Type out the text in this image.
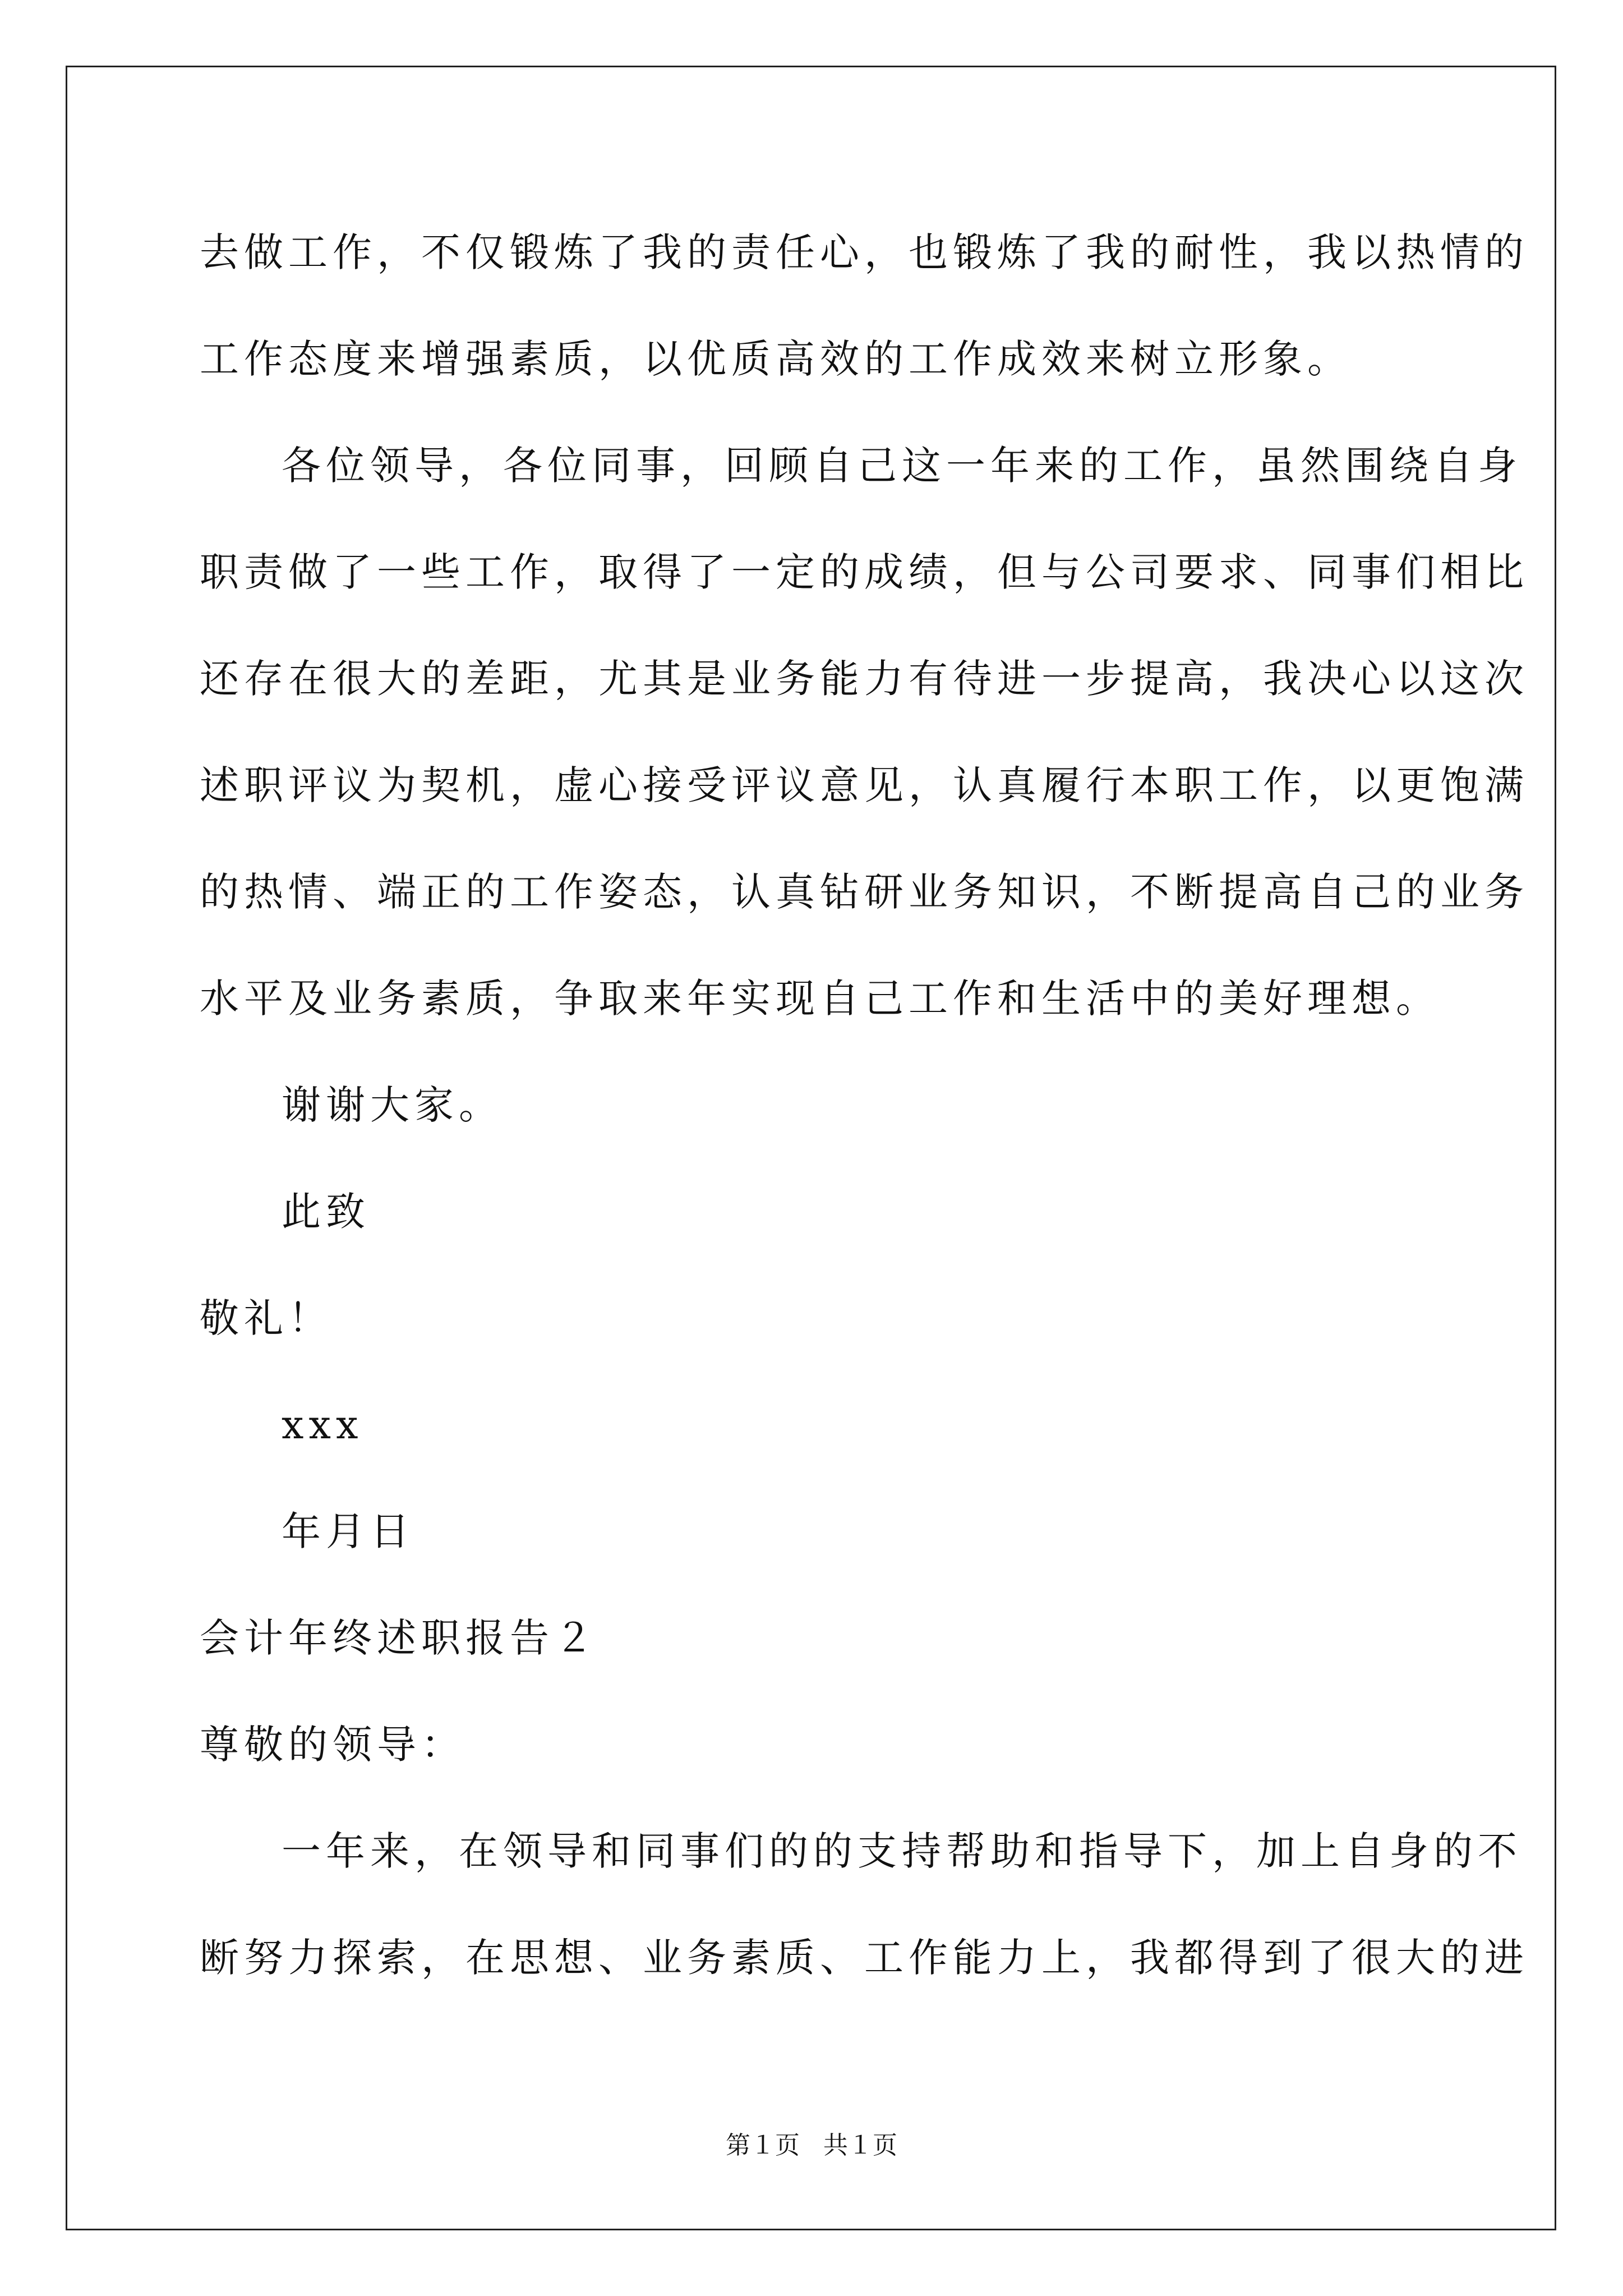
去做工作，不仅锻炼了我的责任心，也锻炼了我的耐性，我以热情的
工作态度来增强素质，以优质高效的工作成效来树立形象。
各位领导，各位同事，回顾自己这一年来的工作，虽然围绕自身
职责做了一些工作，取得了一定的成绩，但与公司要求、同事们相比
还存在很大的差距，尤其是业务能力有待进一步提高，我决心以这次
述职评议为契机，虚心接受评议意见，认真履行本职工作，以更饱满
的热情、端正的工作姿态，认真钻研业务知识，不断提高自己的业务
水平及业务素质，争取来年实现自己工作和生活中的美好理想。
谢谢大家。
此致
敬礼！
xxx
年月日
会计年终述职报告２
尊敬的领导：
一年来，在领导和同事们的的支持帮助和指导下，加上自身的不
断努力探索，在思想、业务素质、工作能力上，我都得到了很大的进
第１页 共１页
